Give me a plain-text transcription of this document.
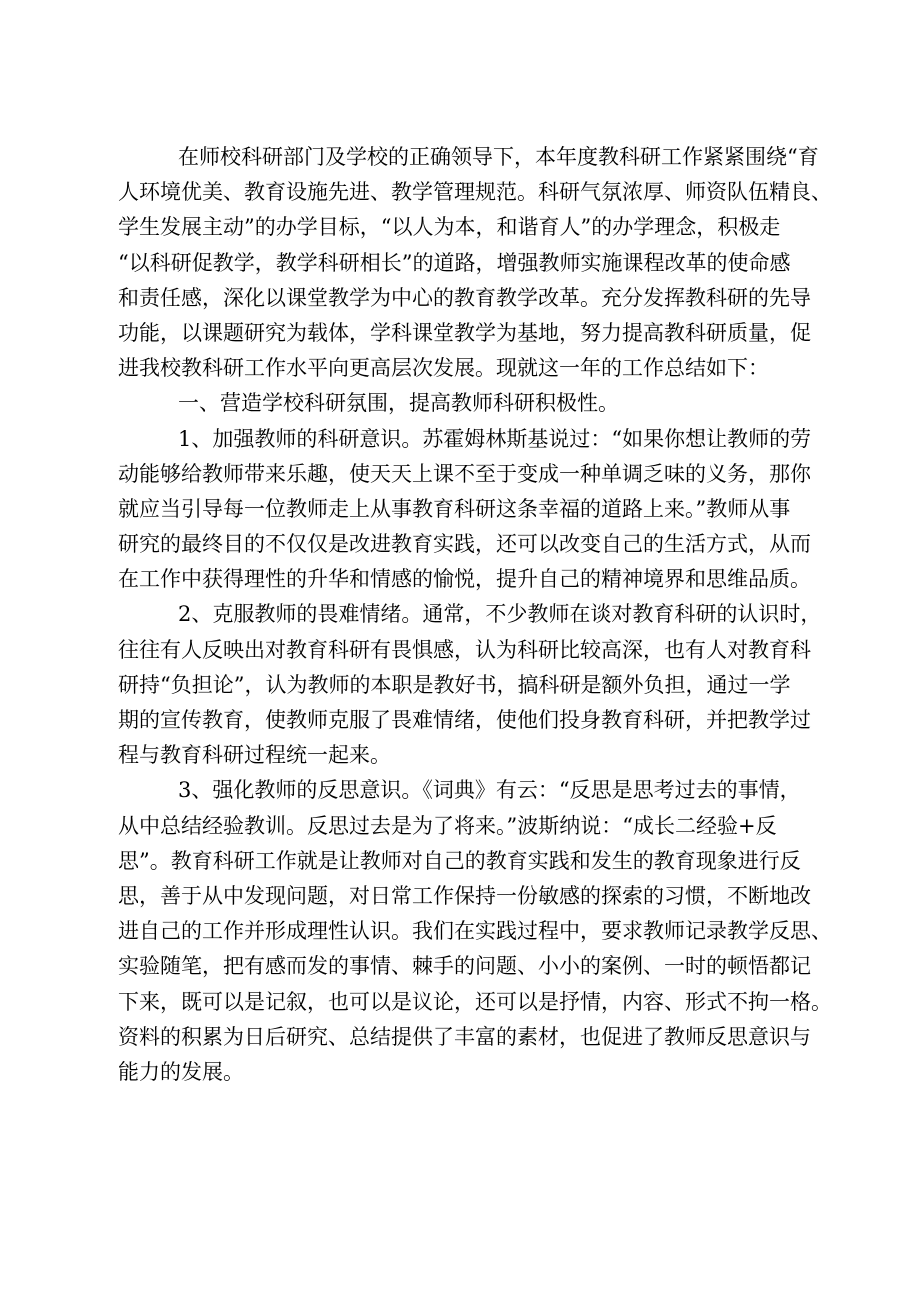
在师校科研部门及学校的正确领导下，本年度教科研工作紧紧围绕“育
人环境优美、教育设施先进、教学管理规范。科研气氛浓厚、师资队伍精良、
学生发展主动”的办学目标，“以人为本，和谐育人”的办学理念，积极走
“以科研促教学，教学科研相长”的道路，增强教师实施课程改革的使命感
和责任感，深化以课堂教学为中心的教育教学改革。充分发挥教科研的先导
功能，以课题研究为载体，学科课堂教学为基地，努力提高教科研质量，促
进我校教科研工作水平向更高层次发展。现就这一年的工作总结如下：
一、营造学校科研氛围，提高教师科研积极性。
1、加强教师的科研意识。苏霍姆林斯基说过：“如果你想让教师的劳
动能够给教师带来乐趣，使天天上课不至于变成一种单调乏味的义务，那你
就应当引导每一位教师走上从事教育科研这条幸福的道路上来。”教师从事
研究的最终目的不仅仅是改进教育实践，还可以改变自己的生活方式，从而
在工作中获得理性的升华和情感的愉悦，提升自己的精神境界和思维品质。
2、克服教师的畏难情绪。通常，不少教师在谈对教育科研的认识时，
往往有人反映出对教育科研有畏惧感，认为科研比较高深，也有人对教育科
研持“负担论”，认为教师的本职是教好书，搞科研是额外负担，通过一学
期的宣传教育，使教师克服了畏难情绪，使他们投身教育科研，并把教学过
程与教育科研过程统一起来。
3、强化教师的反思意识。《词典》有云：“反思是思考过去的事情，
从中总结经验教训。反思过去是为了将来。”波斯纳说：“成长二经验+反
思”。教育科研工作就是让教师对自己的教育实践和发生的教育现象进行反
思，善于从中发现问题，对日常工作保持一份敏感的探索的习惯，不断地改
进自己的工作并形成理性认识。我们在实践过程中，要求教师记录教学反思、
实验随笔，把有感而发的事情、棘手的问题、小小的案例、一时的顿悟都记
下来，既可以是记叙，也可以是议论，还可以是抒情，内容、形式不拘一格。
资料的积累为日后研究、总结提供了丰富的素材，也促进了教师反思意识与
能力的发展。
